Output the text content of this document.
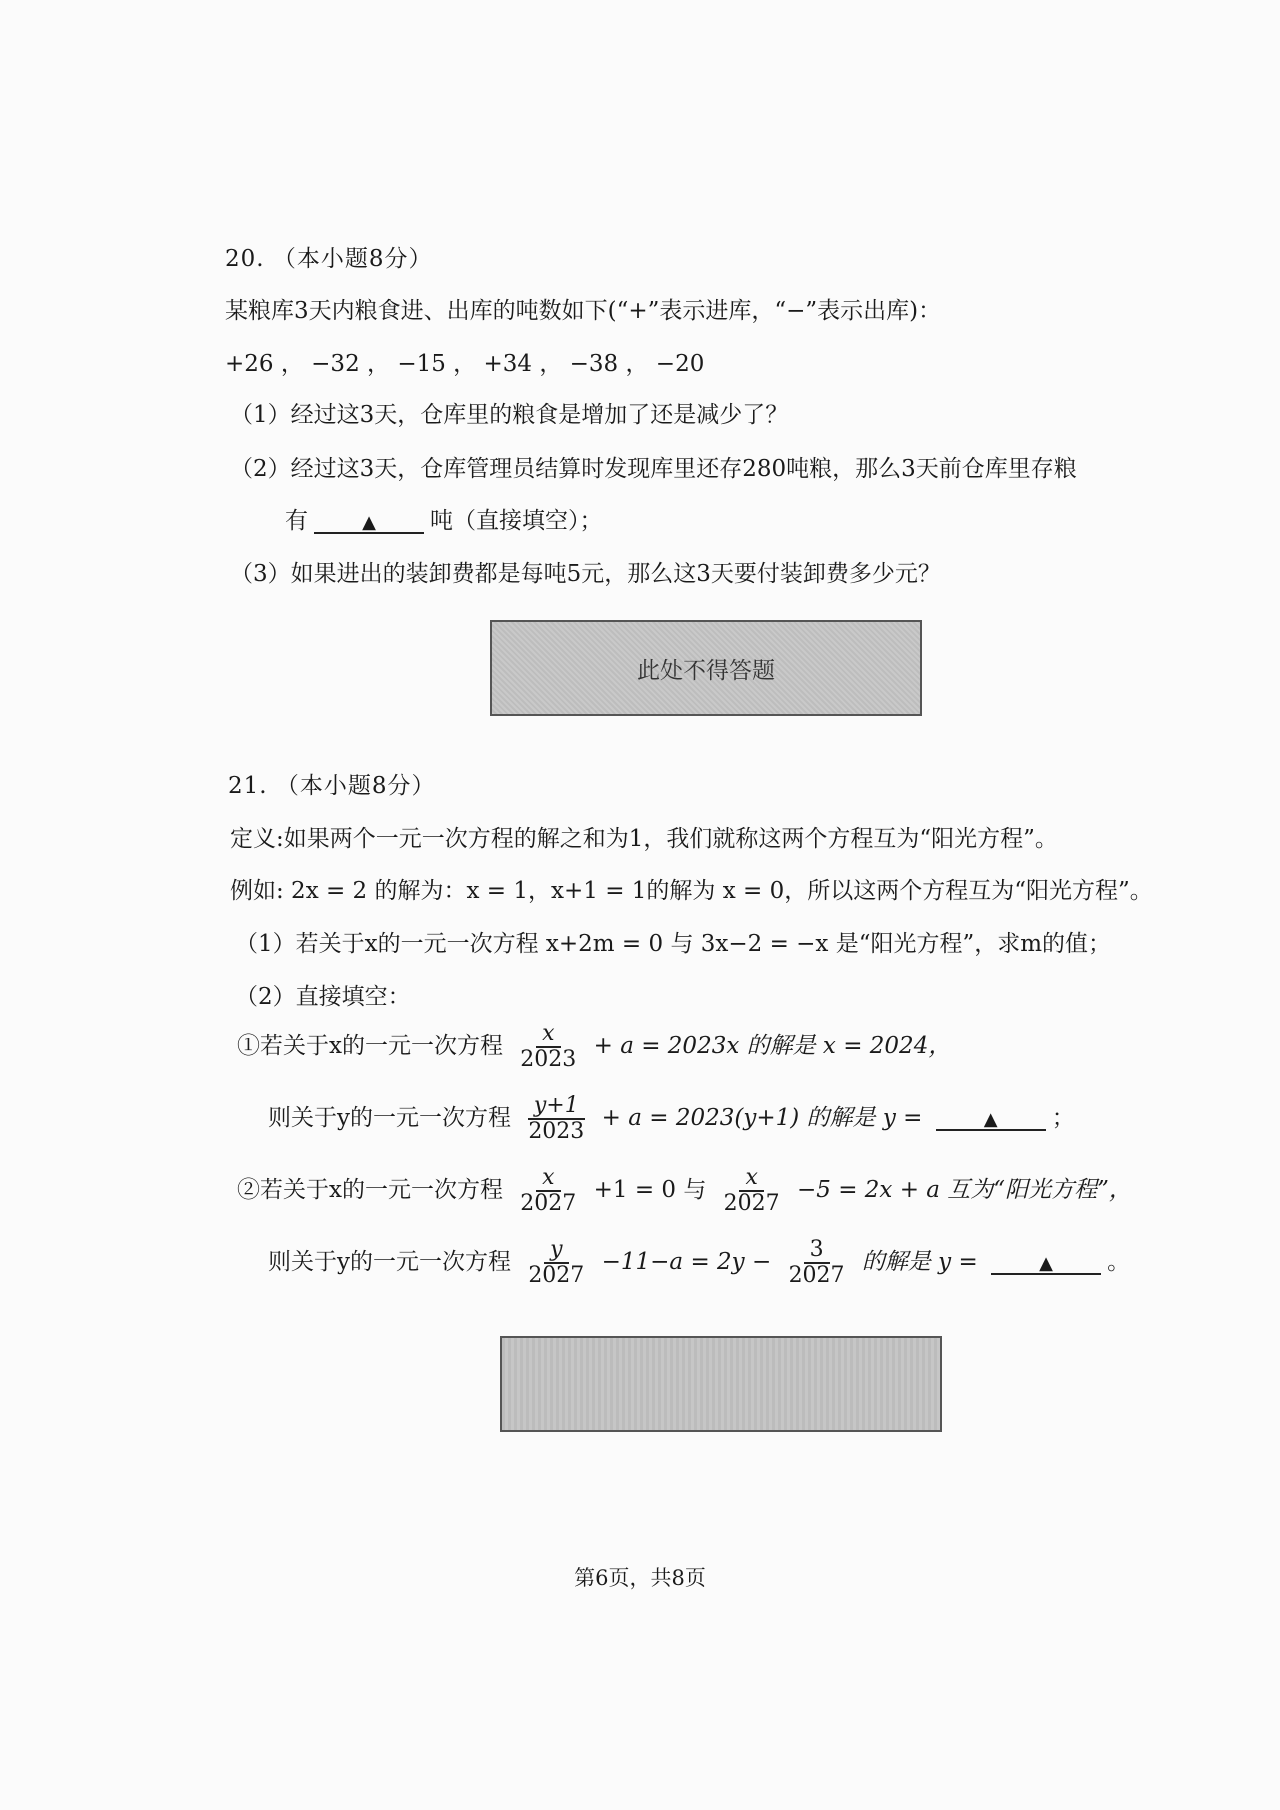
20. （本小题8分）
某粮库3天内粮食进、出库的吨数如下(“+”表示进库，“−”表示出库)：
+26 ， −32 ， −15 ， +34 ， −38 ， −20
（1）经过这3天，仓库里的粮食是增加了还是减少了？
（2）经过这3天，仓库管理员结算时发现库里还存280吨粮，那么3天前仓库里存粮
有	▲ 吨（直接填空）；
（3）如果进出的装卸费都是每吨5元，那么这3天要付装卸费多少元？
此处不得答题
21. （本小题8分）
定义:如果两个一元一次方程的解之和为1，我们就称这两个方程互为“阳光方程”。
例如: 2x = 2 的解为：x = 1，x+1 = 1的解为 x = 0，所以这两个方程互为“阳光方程”。
（1）若关于x的一元一次方程 x+2m = 0 与 3x−2 = −x 是“阳光方程”，求m的值；
（2）直接填空：
①若关于x的一元一次方程 $\frac{x}{2023} + a = 2023x$ 的解是 x = 2024，
则关于y的一元一次方程 $\frac{y+1}{2023} + a = 2023(y+1)$ 的解是 y =	▲ ；
②若关于x的一元一次方程 $\frac{x}{2027} +1 = 0$ 与 $\frac{x}{2027} -5 = 2x + a$ 互为“阳光方程”，
则关于y的一元一次方程 $\frac{y}{2027} -11-a = 2y - \frac{3}{2027}$ 的解是 y =	▲ 。
第6页，共8页
